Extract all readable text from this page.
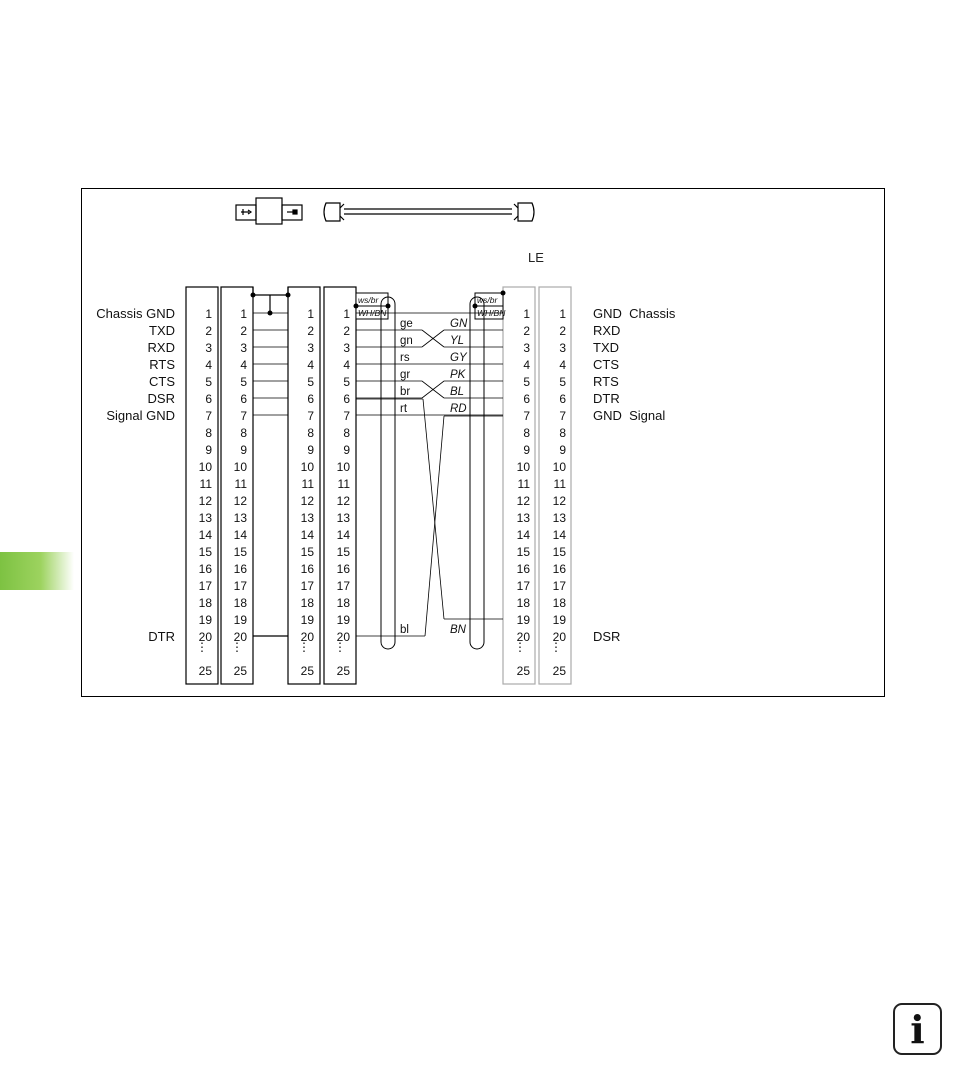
LE
1
2
3
4
5
6
7
8
9
10
11
12
13
14
15
16
17
18
19
20
⋮
25
1
2
3
4
5
6
7
8
9
10
11
12
13
14
15
16
17
18
19
20
⋮
25
1
2
3
4
5
6
7
8
9
10
11
12
13
14
15
16
17
18
19
20
⋮
25
1
2
3
4
5
6
7
8
9
10
11
12
13
14
15
16
17
18
19
20
⋮
25
1
2
3
4
5
6
7
8
9
10
11
12
13
14
15
16
17
18
19
20
⋮
25
1
2
3
4
5
6
7
8
9
10
11
12
13
14
15
16
17
18
19
20
⋮
25
ws/br
WH/BN
ws/br
WH/BN
ge
gn
rs
gr
br
rt
bl
GN
YL
GY
PK
BL
RD
BN
Chassis GND
TXD
RXD
RTS
CTS
DSR
Signal GND
DTR
GND  Chassis
RXD
TXD
CTS
RTS
DTR
GND  Signal
DSR
i
